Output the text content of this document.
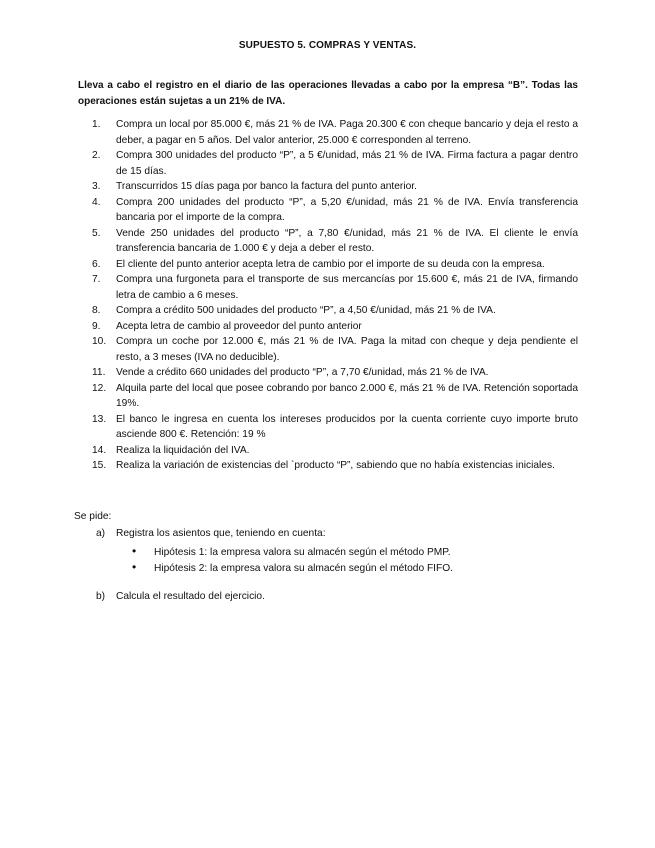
SUPUESTO 5. COMPRAS Y VENTAS.
Lleva a cabo el registro en el diario de las operaciones llevadas a cabo por la empresa “B”. Todas las operaciones están sujetas a un 21% de IVA.
1. Compra un local por 85.000 €, más 21 % de IVA. Paga 20.300 € con cheque bancario y deja el resto a deber, a pagar en 5 años. Del valor anterior, 25.000 € corresponden al terreno.
2. Compra 300 unidades del producto “P”, a 5 €/unidad, más 21 % de IVA. Firma factura a pagar dentro de 15 días.
3. Transcurridos 15 días paga por banco la factura del punto anterior.
4. Compra 200 unidades del producto “P”, a 5,20 €/unidad, más 21 % de IVA. Envía transferencia bancaria por el importe de la compra.
5. Vende 250 unidades del producto “P”, a 7,80 €/unidad, más 21 % de IVA. El cliente le envía transferencia bancaria de 1.000 € y deja a deber el resto.
6. El cliente del punto anterior acepta letra de cambio por el importe de su deuda con la empresa.
7. Compra una furgoneta para el transporte de sus mercancías por 15.600 €, más 21 de IVA, firmando letra de cambio a 6 meses.
8. Compra a crédito 500 unidades del producto “P”, a 4,50 €/unidad, más 21 % de IVA.
9. Acepta letra de cambio al proveedor del punto anterior
10. Compra un coche por 12.000 €, más 21 % de IVA. Paga la mitad con cheque y deja pendiente el resto, a 3 meses (IVA no deducible).
11. Vende a crédito 660 unidades del producto “P”, a 7,70 €/unidad, más 21 % de IVA.
12. Alquila parte del local que posee cobrando por banco 2.000 €, más 21 % de IVA. Retención soportada 19%.
13. El banco le ingresa en cuenta los intereses producidos por la cuenta corriente cuyo importe bruto asciende 800 €. Retención: 19 %
14. Realiza la liquidación del IVA.
15. Realiza la variación de existencias del `producto “P”, sabiendo que no había existencias iniciales.
Se pide:
a) Registra los asientos que, teniendo en cuenta:
• Hipótesis 1: la empresa valora su almacén según el método PMP.
• Hipótesis 2: la empresa valora su almacén según el método FIFO.
b) Calcula el resultado del ejercicio.
